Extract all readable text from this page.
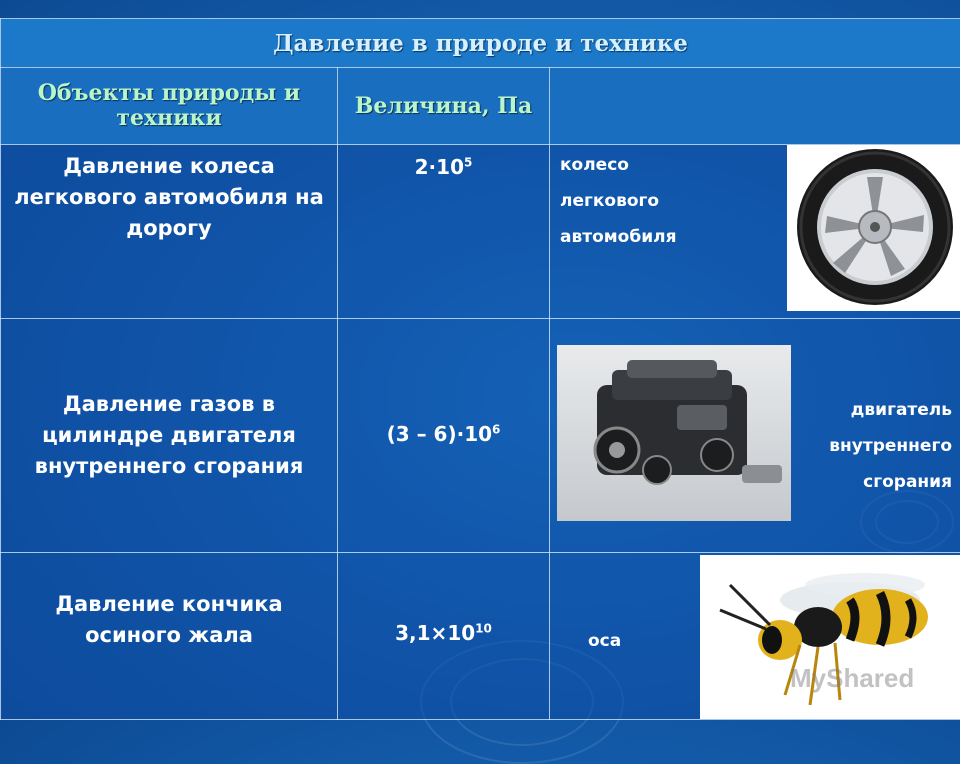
Давление в природе и технике		
Объекты природы и техники	Величина, Па	

Давление колеса легкового автомобиля на дорогу	$2\cdot 10^5$	колесо легкового автомобиля

Давление газов в цилиндре двигателя внутреннего сгорания	$(3 - 6)\cdot 10^6$	двигатель внутреннего сгорания

Давление кончика осиного жала	$3,1\times 10^{10}$	оса
MyShared
